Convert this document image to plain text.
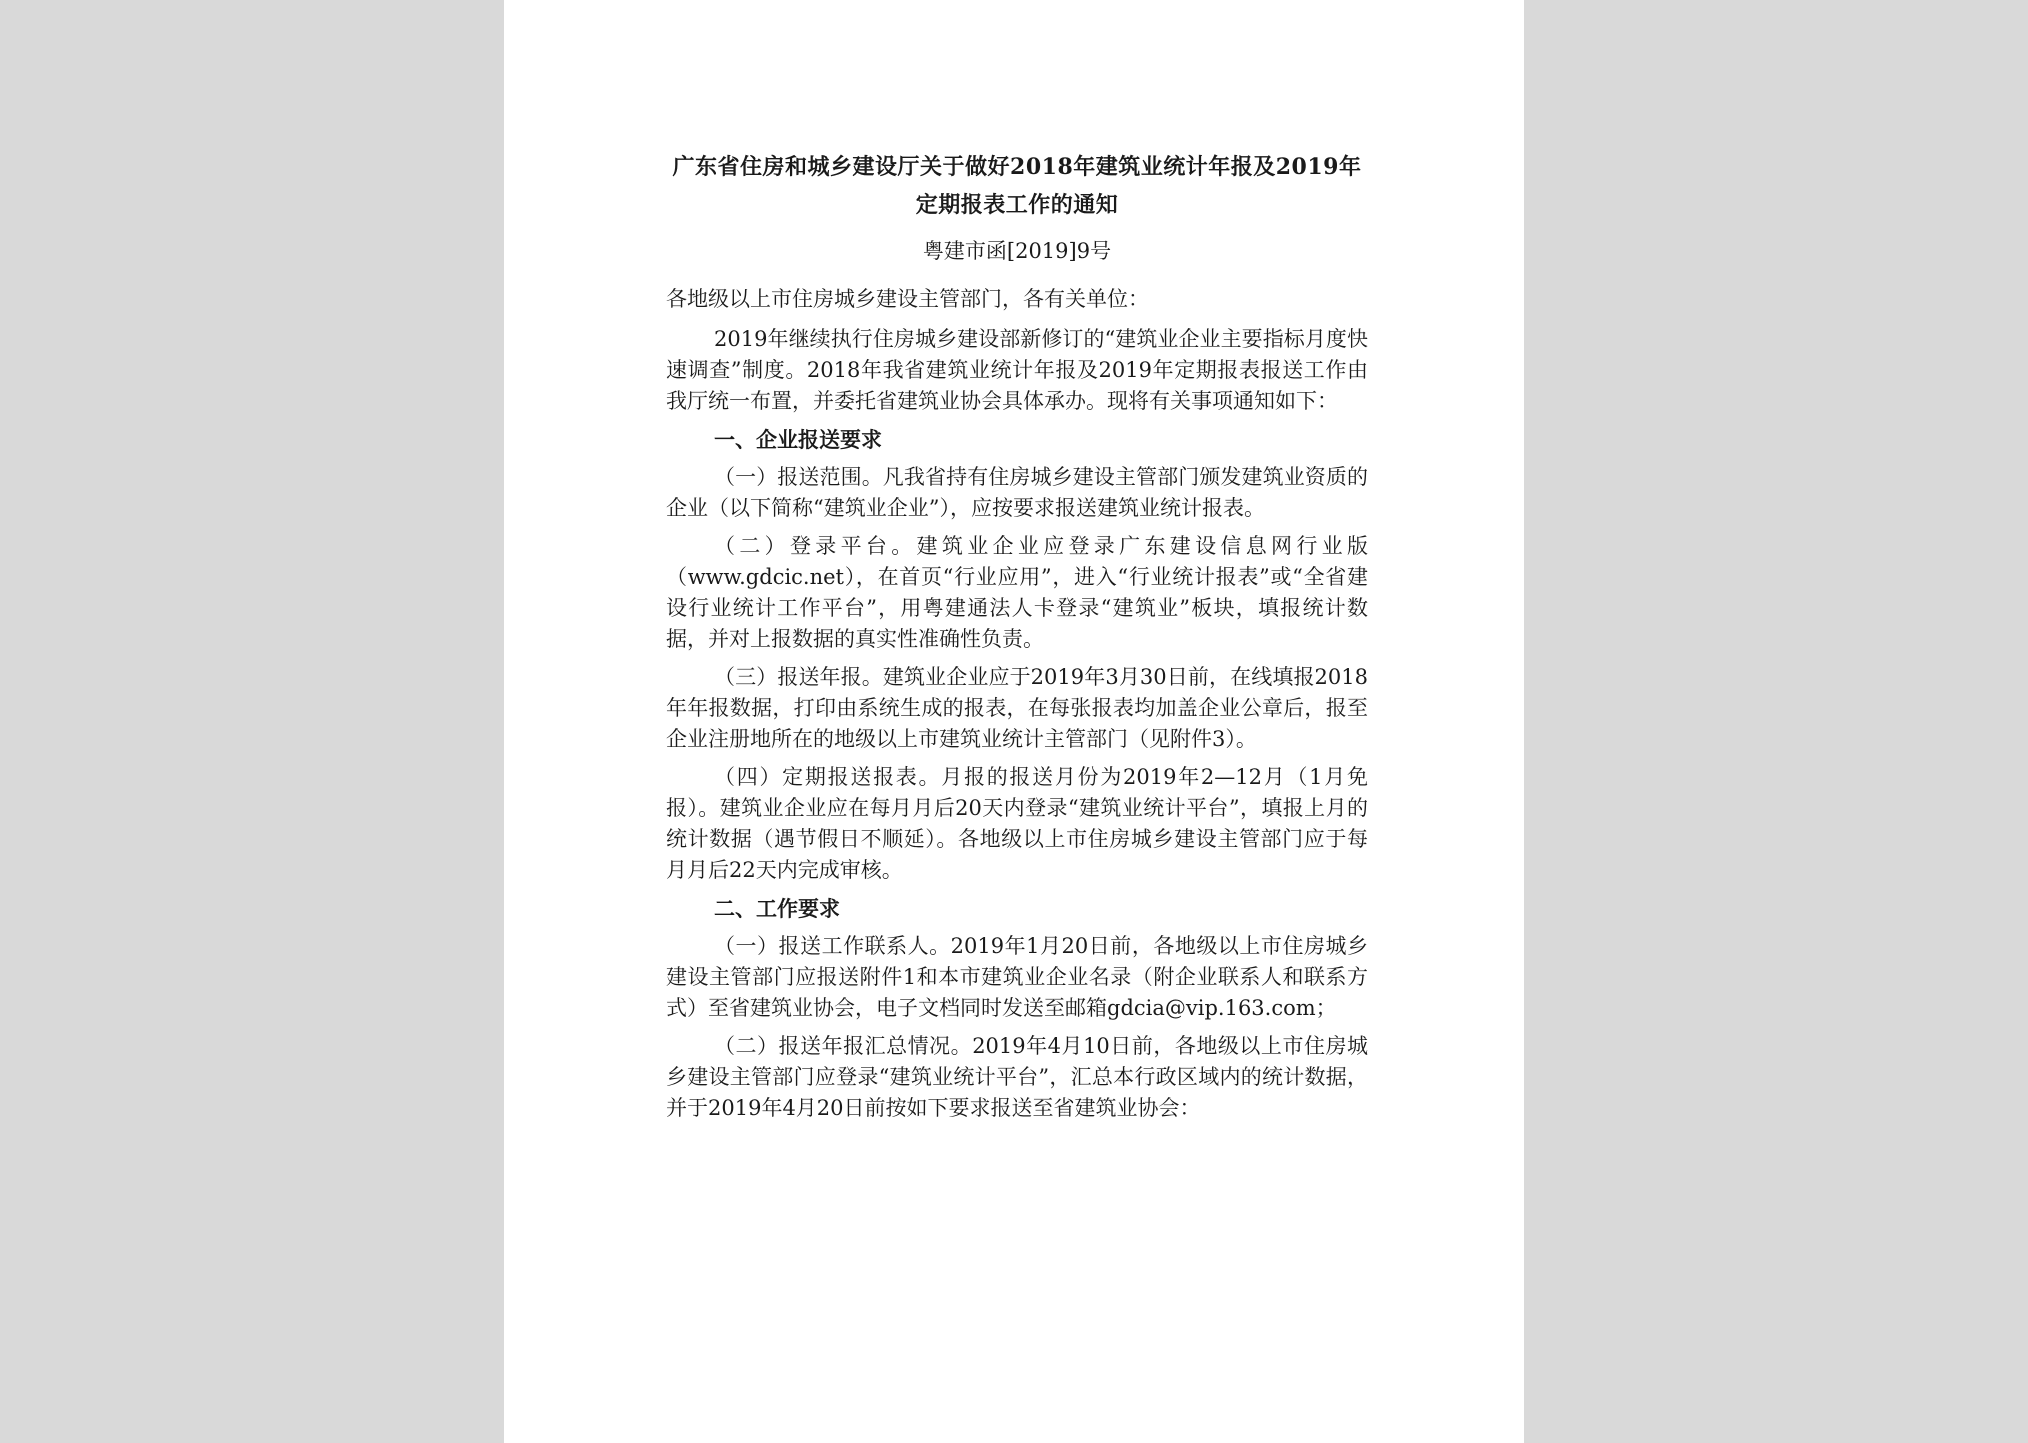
广东省住房和城乡建设厅关于做好2018年建筑业统计年报及2019年定期报表工作的通知
粤建市函[2019]9号

各地级以上市住房城乡建设主管部门，各有关单位：

2019年继续执行住房城乡建设部新修订的“建筑业企业主要指标月度快速调查”制度。2018年我省建筑业统计年报及2019年定期报表报送工作由我厅统一布置，并委托省建筑业协会具体承办。现将有关事项通知如下：

一、企业报送要求

（一）报送范围。凡我省持有住房城乡建设主管部门颁发建筑业资质的企业（以下简称“建筑业企业”），应按要求报送建筑业统计报表。

（二）登录平台。建筑业企业应登录广东建设信息网行业版（www.gdcic.net），在首页“行业应用”，进入“行业统计报表”或“全省建设行业统计工作平台”，用粤建通法人卡登录“建筑业”板块，填报统计数据，并对上报数据的真实性准确性负责。

（三）报送年报。建筑业企业应于2019年3月30日前，在线填报2018年年报数据，打印由系统生成的报表，在每张报表均加盖企业公章后，报至企业注册地所在的地级以上市建筑业统计主管部门（见附件3）。

（四）定期报送报表。月报的报送月份为2019年2—12月（1月免报）。建筑业企业应在每月月后20天内登录“建筑业统计平台”，填报上月的统计数据（遇节假日不顺延）。各地级以上市住房城乡建设主管部门应于每月月后22天内完成审核。

二、工作要求

（一）报送工作联系人。2019年1月20日前，各地级以上市住房城乡建设主管部门应报送附件1和本市建筑业企业名录（附企业联系人和联系方式）至省建筑业协会，电子文档同时发送至邮箱gdcia@vip.163.com；

（二）报送年报汇总情况。2019年4月10日前，各地级以上市住房城乡建设主管部门应登录“建筑业统计平台”，汇总本行政区域内的统计数据，并于2019年4月20日前按如下要求报送至省建筑业协会：
